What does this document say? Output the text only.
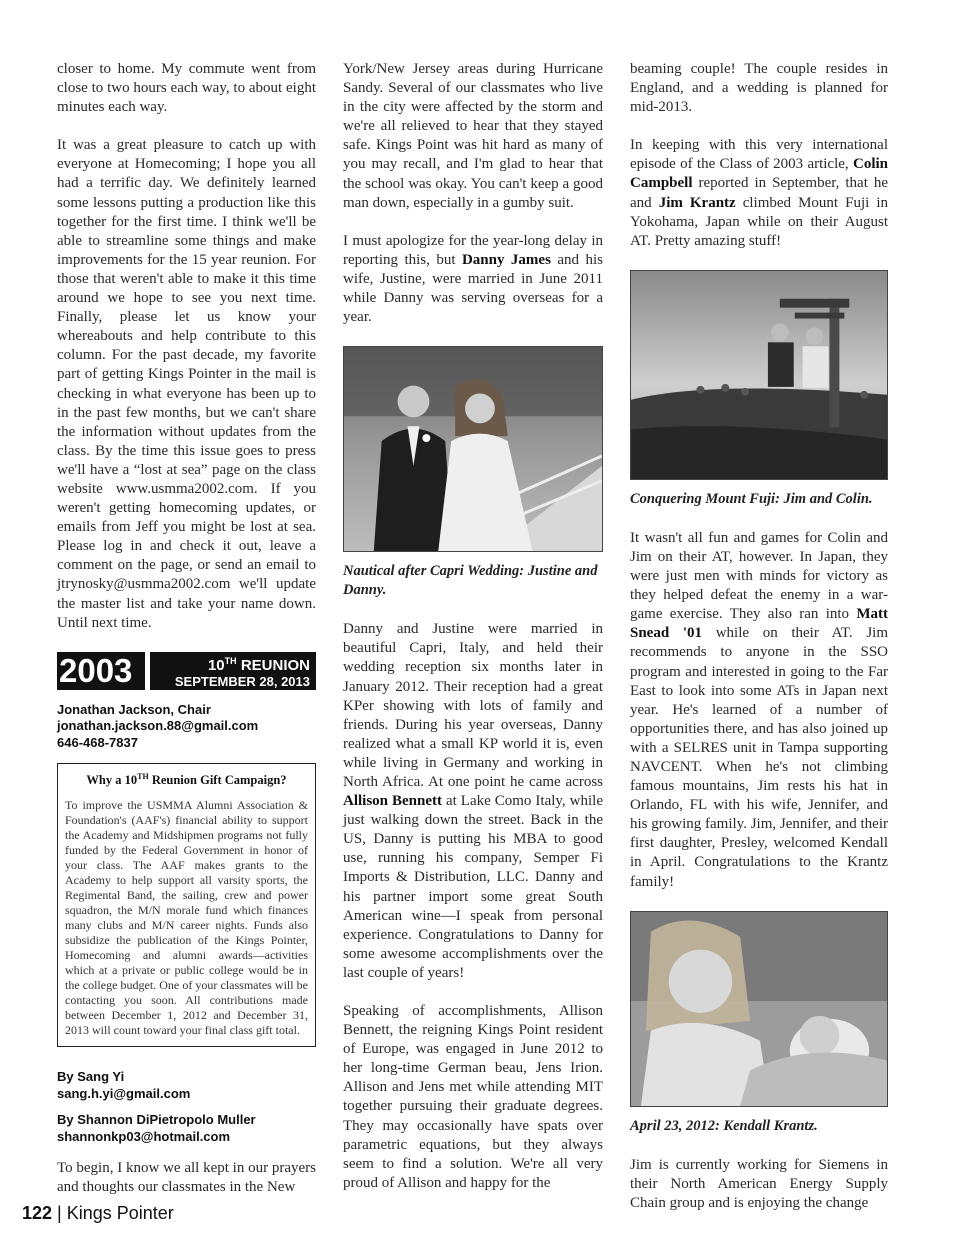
closer to home. My commute went from close to two hours each way, to about eight minutes each way.

It was a great pleasure to catch up with everyone at Homecoming; I hope you all had a terrific day. We definitely learned some lessons putting a production like this together for the first time. I think we'll be able to streamline some things and make improvements for the 15 year reunion. For those that weren't able to make it this time around we hope to see you next time. Finally, please let us know your whereabouts and help contribute to this column. For the past decade, my favorite part of getting Kings Pointer in the mail is checking in what everyone has been up to in the past few months, but we can't share the information without updates from the class. By the time this issue goes to press we'll have a “lost at sea” page on the class website www.usmma2002.com. If you weren't getting homecoming updates, or emails from Jeff you might be lost at sea. Please log in and check it out, leave a comment on the page, or send an email to jtrynosky@usmma2002.com we'll update the master list and take your name down. Until next time.

2003	10TH REUNION
SEPTEMBER 28, 2013
Jonathan Jackson, Chair
jonathan.jackson.88@gmail.com
646-468-7837
Why a 10TH Reunion Gift Campaign?
To improve the USMMA Alumni Association & Foundation's (AAF's) financial ability to support the Academy and Midshipmen programs not fully funded by the Federal Government in honor of your class. The AAF makes grants to the Academy to help support all varsity sports, the Regimental Band, the sailing, crew and power squadron, the M/N morale fund which finances many clubs and M/N career nights. Funds also subsidize the publication of the Kings Pointer, Homecoming and alumni awards—activities which at a private or public college would be in the college budget. One of your classmates will be contacting you soon. All contributions made between December 1, 2012 and December 31, 2013 will count toward your final class gift total.
By Sang Yi
sang.h.yi@gmail.com
By Shannon DiPietropolo Muller
shannonkp03@hotmail.com

To begin, I know we all kept in our prayers and thoughts our classmates in the New

York/New Jersey areas during Hurricane Sandy. Several of our classmates who live in the city were affected by the storm and we're all relieved to hear that they stayed safe. Kings Point was hit hard as many of you may recall, and I'm glad to hear that the school was okay. You can't keep a good man down, especially in a gumby suit.

I must apologize for the year-long delay in reporting this, but Danny James and his wife, Justine, were married in June 2011 while Danny was serving overseas for a year.

Nautical after Capri Wedding: Justine and Danny.

Danny and Justine were married in beautiful Capri, Italy, and held their wedding reception six months later in January 2012. Their reception had a great KPer showing with lots of family and friends. During his year overseas, Danny realized what a small KP world it is, even while living in Germany and working in North Africa. At one point he came across Allison Bennett at Lake Como Italy, while just walking down the street. Back in the US, Danny is putting his MBA to good use, running his company, Semper Fi Imports & Distribution, LLC. Danny and his partner import some great South American wine—I speak from personal experience. Congratulations to Danny for some awesome accomplishments over the last couple of years!

Speaking of accomplishments, Allison Bennett, the reigning Kings Point resident of Europe, was engaged in June 2012 to her long-time German beau, Jens Irion. Allison and Jens met while attending MIT together pursuing their graduate degrees. They may occasionally have spats over parametric equations, but they always seem to find a solution. We're all very proud of Allison and happy for the

beaming couple! The couple resides in England, and a wedding is planned for mid-2013.

In keeping with this very international episode of the Class of 2003 article, Colin Campbell reported in September, that he and Jim Krantz climbed Mount Fuji in Yokohama, Japan while on their August AT. Pretty amazing stuff!

Conquering Mount Fuji: Jim and Colin.

It wasn't all fun and games for Colin and Jim on their AT, however. In Japan, they were just men with minds for victory as they helped defeat the enemy in a war-game exercise. They also ran into Matt Snead '01 while on their AT. Jim recommends to anyone in the SSO program and interested in going to the Far East to look into some ATs in Japan next year. He's learned of a number of opportunities there, and has also joined up with a SELRES unit in Tampa supporting NAVCENT. When he's not climbing famous mountains, Jim rests his hat in Orlando, FL with his wife, Jennifer, and his growing family. Jim, Jennifer, and their first daughter, Presley, welcomed Kendall in April. Congratulations to the Krantz family!

April 23, 2012: Kendall Krantz.

Jim is currently working for Siemens in their North American Energy Supply Chain group and is enjoying the change

122 | Kings Pointer
